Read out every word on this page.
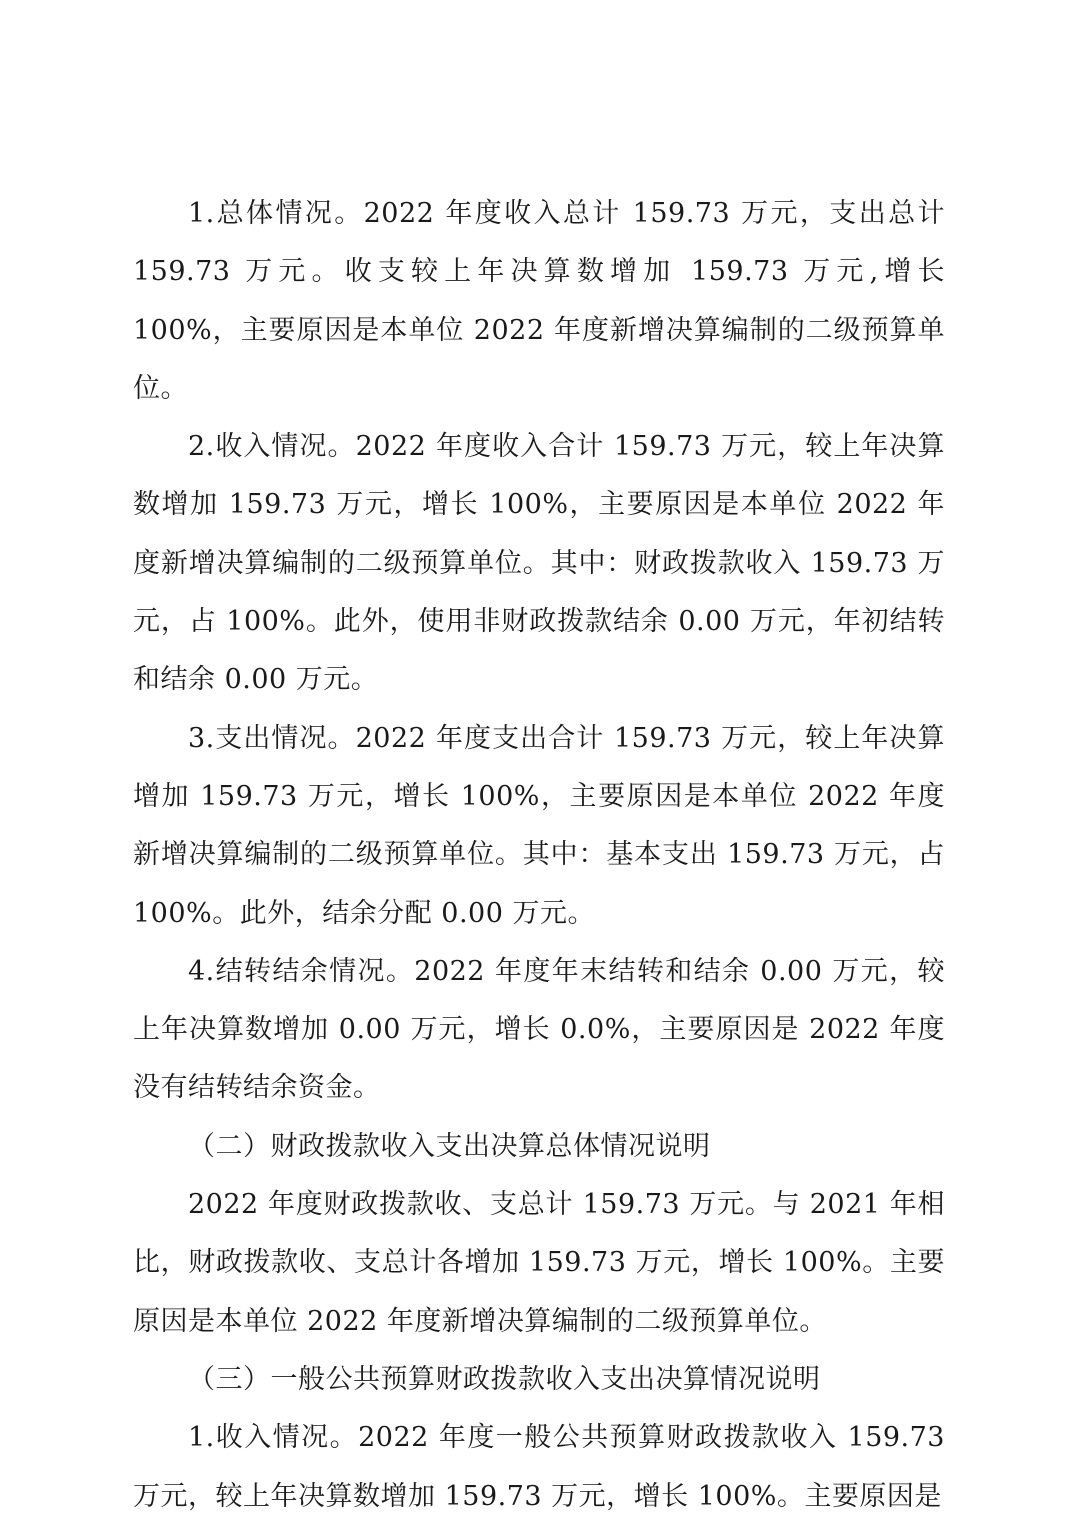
1.总体情况。2022 年度收入总计 159.73 万元，支出总计 159.73 万元。收支较上年决算数增加 159.73 万元,增长 100%，主要原因是本单位 2022 年度新增决算编制的二级预算单位。

2.收入情况。2022 年度收入合计 159.73 万元，较上年决算数增加 159.73 万元，增长 100%，主要原因是本单位 2022 年度新增决算编制的二级预算单位。其中：财政拨款收入 159.73 万元，占 100%。此外，使用非财政拨款结余 0.00 万元，年初结转和结余 0.00 万元。

3.支出情况。2022 年度支出合计 159.73 万元，较上年决算增加 159.73 万元，增长 100%，主要原因是本单位 2022 年度新增决算编制的二级预算单位。其中：基本支出 159.73 万元，占 100%。此外，结余分配 0.00 万元。

4.结转结余情况。2022 年度年末结转和结余 0.00 万元，较上年决算数增加 0.00 万元，增长 0.0%，主要原因是 2022 年度没有结转结余资金。

（二）财政拨款收入支出决算总体情况说明

2022 年度财政拨款收、支总计 159.73 万元。与 2021 年相比，财政拨款收、支总计各增加 159.73 万元，增长 100%。主要原因是本单位 2022 年度新增决算编制的二级预算单位。

（三）一般公共预算财政拨款收入支出决算情况说明

1.收入情况。2022 年度一般公共预算财政拨款收入 159.73 万元，较上年决算数增加 159.73 万元，增长 100%。主要原因是
